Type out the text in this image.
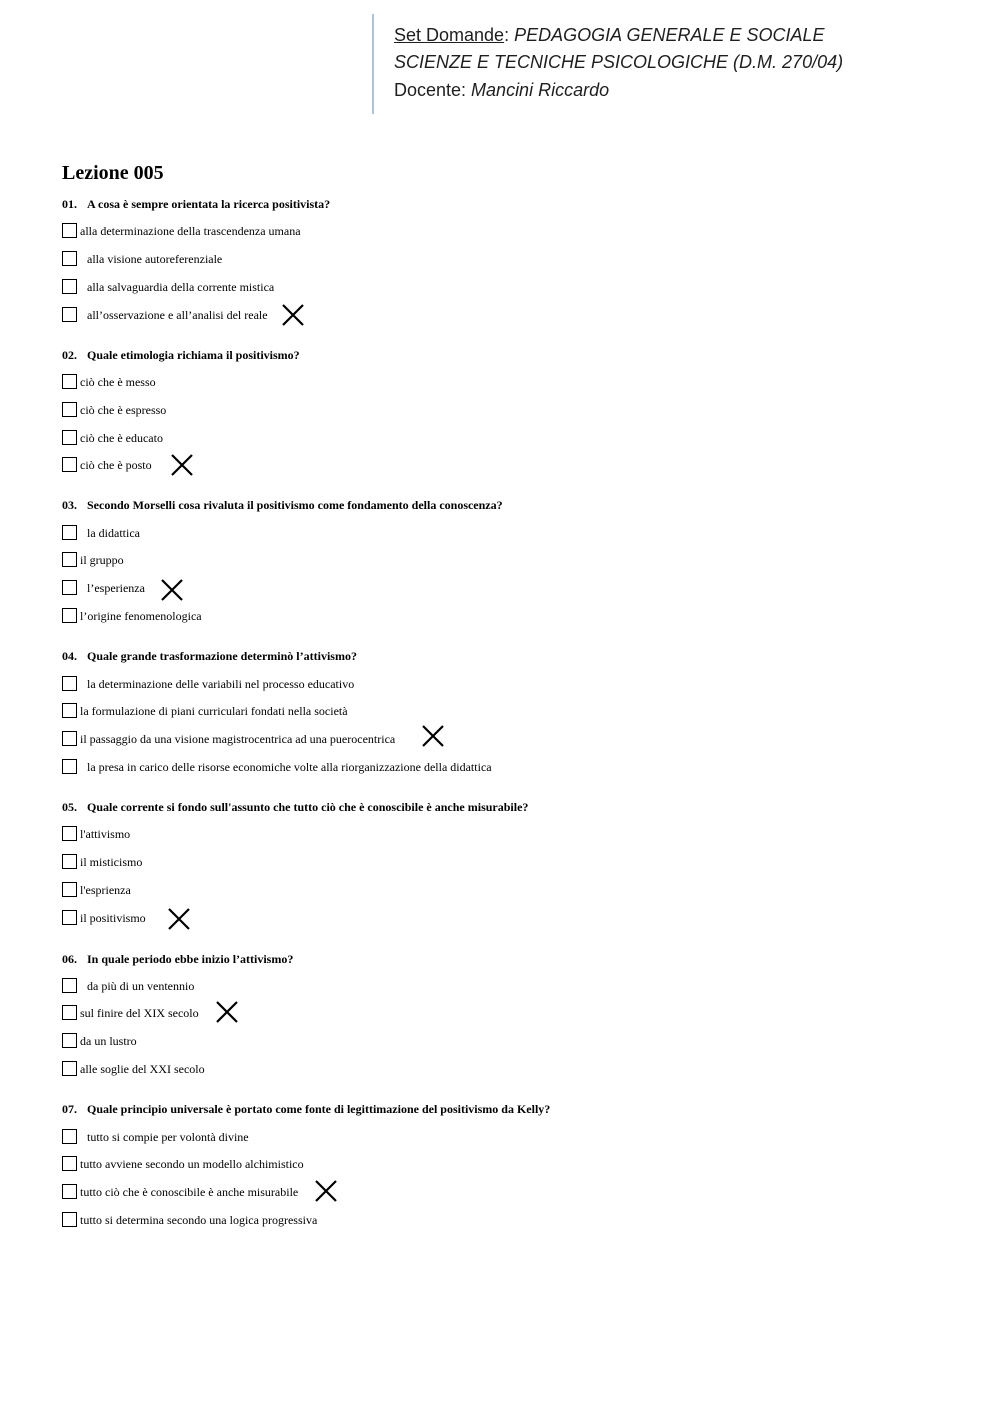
Set Domande: PEDAGOGIA GENERALE E SOCIALE
SCIENZE E TECNICHE PSICOLOGICHE (D.M. 270/04)
Docente: Mancini Riccardo
Lezione 005
01. A cosa è sempre orientata la ricerca positivista?
alla determinazione della trascendenza umana
alla visione autoreferenziale
alla salvaguardia della corrente mistica
all’osservazione e all’analisi del reale
02. Quale etimologia richiama il positivismo?
ciò che è messo
ciò che è espresso
ciò che è educato
ciò che è posto
03. Secondo Morselli cosa rivaluta il positivismo come fondamento della conoscenza?
la didattica
il gruppo
l’esperienza
l’origine fenomenologica
04. Quale grande trasformazione determinò l’attivismo?
la determinazione delle variabili nel processo educativo
la formulazione di piani curriculari fondati nella società
il passaggio da una visione magistrocentrica ad una puerocentrica
la presa in carico delle risorse economiche volte alla riorganizzazione della didattica
05. Quale corrente si fondo sull'assunto che tutto ciò che è conoscibile è anche misurabile?
l'attivismo
il misticismo
l'esprienza
il positivismo
06. In quale periodo ebbe inizio l’attivismo?
da più di un ventennio
sul finire del XIX secolo
da un lustro
alle soglie del XXI secolo
07. Quale principio universale è portato come fonte di legittimazione del positivismo da Kelly?
tutto si compie per volontà divine
tutto avviene secondo un modello alchimistico
tutto ciò che è conoscibile è anche misurabile
tutto si determina secondo una logica progressiva
